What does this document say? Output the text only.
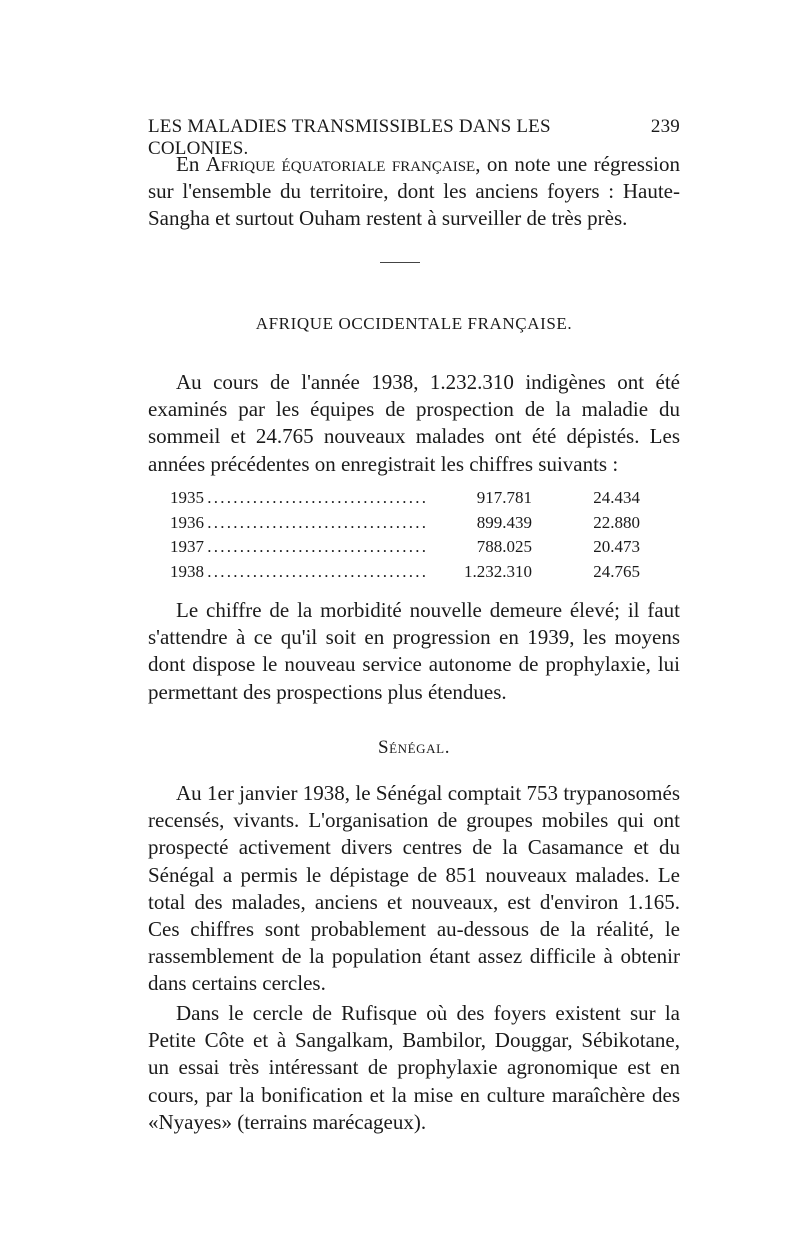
LES MALADIES TRANSMISSIBLES DANS LES COLONIES.
239

En Afrique équatoriale française, on note une régression sur l'ensemble du territoire, dont les anciens foyers : Haute-Sangha et surtout Ouham restent à surveiller de très près.

AFRIQUE OCCIDENTALE FRANÇAISE.

Au cours de l'année 1938, 1.232.310 indigènes ont été examinés par les équipes de prospection de la maladie du sommeil et 24.765 nouveaux malades ont été dépistés. Les années précédentes on enregistrait les chiffres suivants :

1935 . . .	917.781	24.434
1936 . . .	899.439	22.880
1937 . . .	788.025	20.473
1938 . . .	1.232.310	24.765

Le chiffre de la morbidité nouvelle demeure élevé; il faut s'attendre à ce qu'il soit en progression en 1939, les moyens dont dispose le nouveau service autonome de prophylaxie, lui permettant des prospections plus étendues.

Sénégal.

Au 1er janvier 1938, le Sénégal comptait 753 trypanosomés recensés, vivants. L'organisation de groupes mobiles qui ont prospecté activement divers centres de la Casamance et du Sénégal a permis le dépistage de 851 nouveaux malades. Le total des malades, anciens et nouveaux, est d'environ 1.165. Ces chiffres sont probablement au-dessous de la réalité, le rassemblement de la population étant assez difficile à obtenir dans certains cercles.

Dans le cercle de Rufisque où des foyers existent sur la Petite Côte et à Sangalkam, Bambilor, Douggar, Sébikotane, un essai très intéressant de prophylaxie agronomique est en cours, par la bonification et la mise en culture maraîchère des «Nyayes» (terrains marécageux).
